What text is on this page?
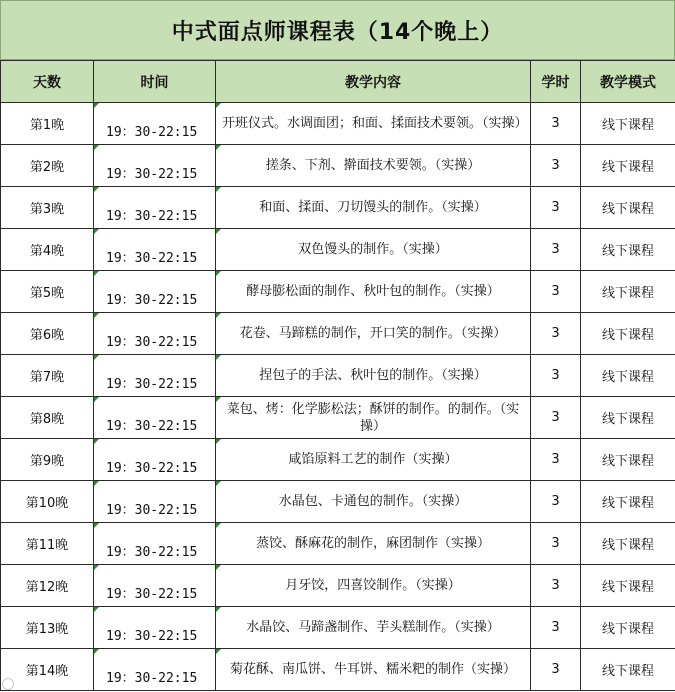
中式面点师课程表（14个晚上）
天数	时间	教学内容	学时	教学模式
第1晚	19：30-22:15	开班仪式。水调面团；和面、揉面技术要领。（实操）	3	线下课程
第2晚	19：30-22:15	搓条、下剂、擀面技术要领。（实操）	3	线下课程
第3晚	19：30-22:15	和面、揉面、刀切馒头的制作。（实操）	3	线下课程
第4晚	19：30-22:15	双色馒头的制作。（实操）	3	线下课程
第5晚	19：30-22:15	酵母膨松面的制作、秋叶包的制作。（实操）	3	线下课程
第6晚	19：30-22:15	花卷、马蹄糕的制作，开口笑的制作。（实操）	3	线下课程
第7晚	19：30-22:15	捏包子的手法、秋叶包的制作。（实操）	3	线下课程
第8晚	19：30-22:15	菜包、烤：化学膨松法；酥饼的制作。的制作。（实操）	3	线下课程
第9晚	19：30-22:15	咸馅原料工艺的制作（实操）	3	线下课程
第10晚	19：30-22:15	水晶包、卡通包的制作。（实操）	3	线下课程
第11晚	19：30-22:15	蒸饺、酥麻花的制作，麻团制作（实操）	3	线下课程
第12晚	19：30-22:15	月牙饺，四喜饺制作。（实操）	3	线下课程
第13晚	19：30-22:15	水晶饺、马蹄盏制作、芋头糕制作。（实操）	3	线下课程
第14晚	19：30-22:15	菊花酥、南瓜饼、牛耳饼、糯米粑的制作（实操）	3	线下课程
